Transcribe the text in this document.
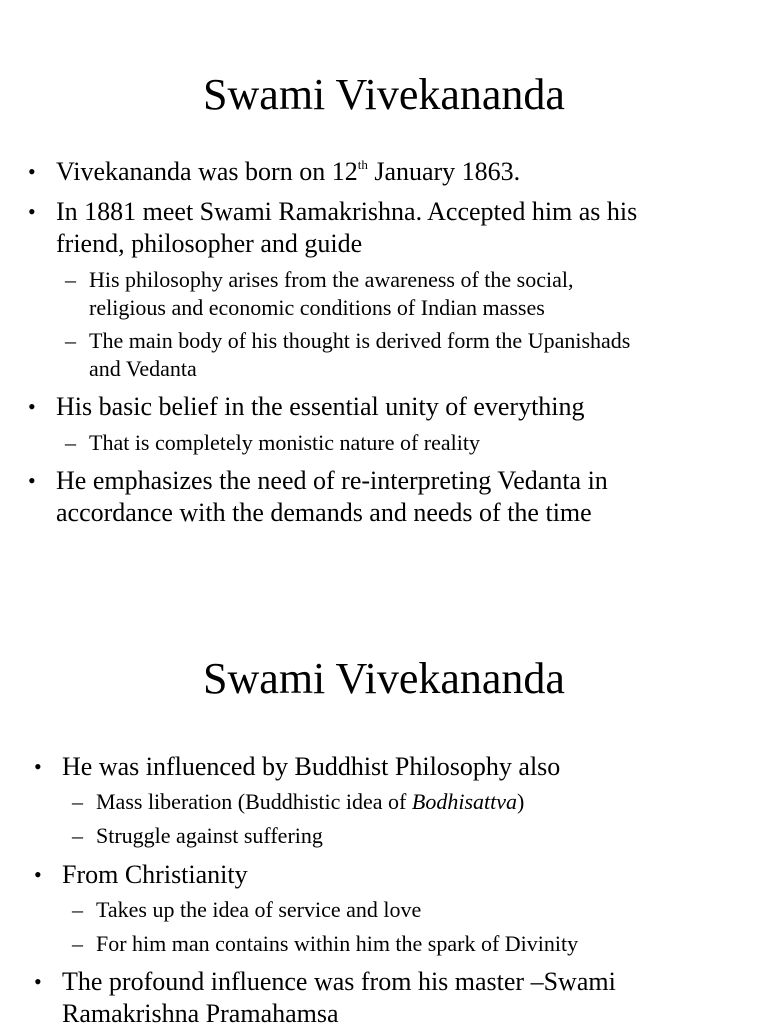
Swami Vivekananda
• Vivekananda was born on 12th January 1863.
• In 1881 meet Swami Ramakrishna. Accepted him as his
friend, philosopher and guide
– His philosophy arises from the awareness of the social,
religious and economic conditions of Indian masses
– The main body of his thought is derived form the Upanishads
and Vedanta
• His basic belief in the essential unity of everything
– That is completely monistic nature of reality
• He emphasizes the need of re-interpreting Vedanta in
accordance with the demands and needs of the time
Swami Vivekananda
• He was influenced by Buddhist Philosophy also
– Mass liberation (Buddhistic idea of Bodhisattva)
– Struggle against suffering
• From Christianity
– Takes up the idea of service and love
– For him man contains within him the spark of Divinity
• The profound influence was from his master –Swami
Ramakrishna Pramahamsa
